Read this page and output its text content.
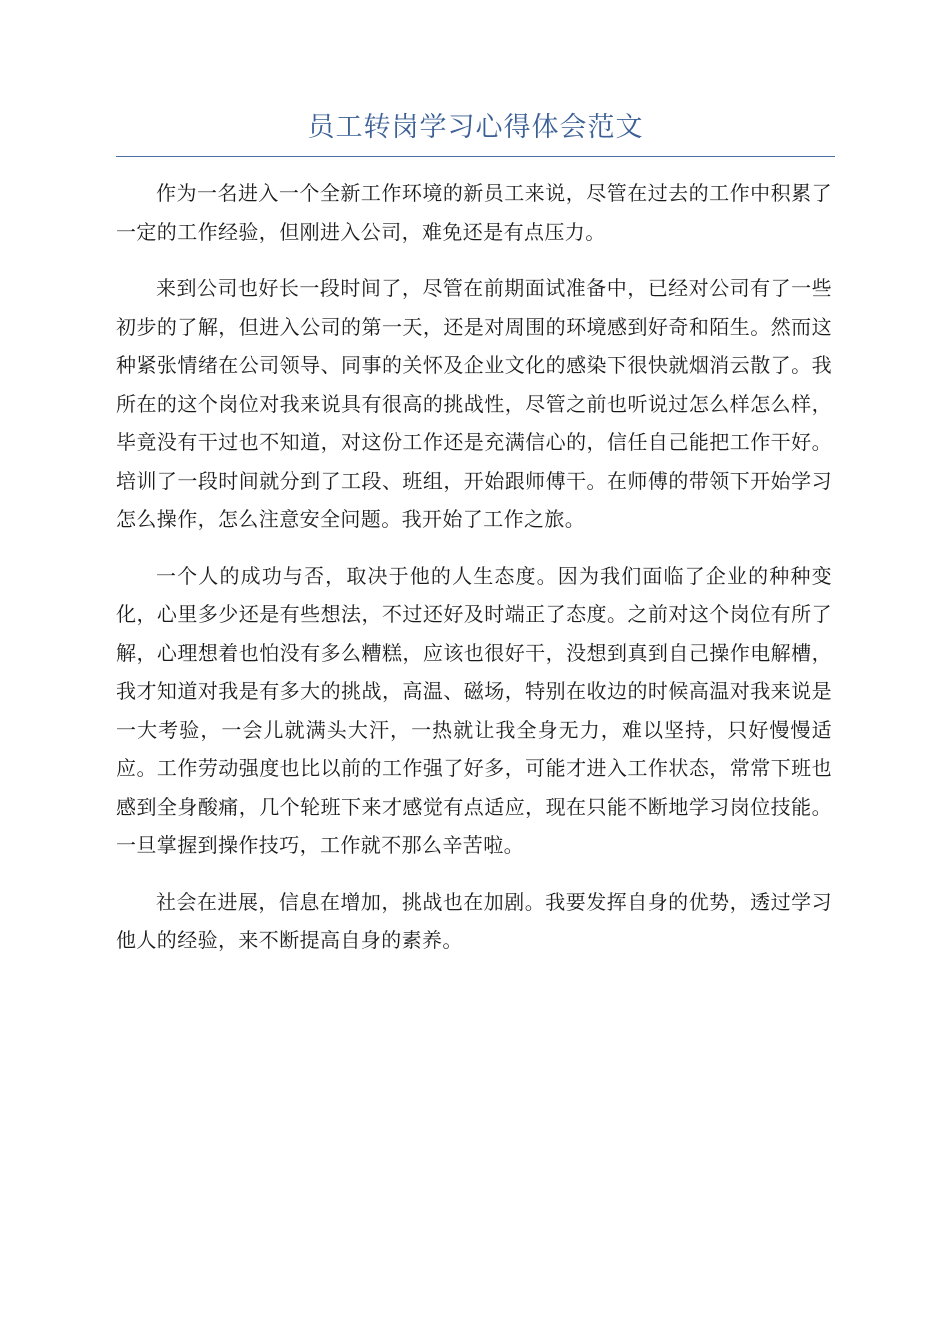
员工转岗学习心得体会范文

作为一名进入一个全新工作环境的新员工来说，尽管在过去的工作中积累了一定的工作经验，但刚进入公司，难免还是有点压力。

来到公司也好长一段时间了，尽管在前期面试准备中，已经对公司有了一些初步的了解，但进入公司的第一天，还是对周围的环境感到好奇和陌生。然而这种紧张情绪在公司领导、同事的关怀及企业文化的感染下很快就烟消云散了。我所在的这个岗位对我来说具有很高的挑战性，尽管之前也听说过怎么样怎么样，毕竟没有干过也不知道，对这份工作还是充满信心的，信任自己能把工作干好。培训了一段时间就分到了工段、班组，开始跟师傅干。在师傅的带领下开始学习怎么操作，怎么注意安全问题。我开始了工作之旅。

一个人的成功与否，取决于他的人生态度。因为我们面临了企业的种种变化，心里多少还是有些想法，不过还好及时端正了态度。之前对这个岗位有所了解，心理想着也怕没有多么糟糕，应该也很好干，没想到真到自己操作电解槽，我才知道对我是有多大的挑战，高温、磁场，特别在收边的时候高温对我来说是一大考验，一会儿就满头大汗，一热就让我全身无力，难以坚持，只好慢慢适应。工作劳动强度也比以前的工作强了好多，可能才进入工作状态，常常下班也感到全身酸痛，几个轮班下来才感觉有点适应，现在只能不断地学习岗位技能。一旦掌握到操作技巧，工作就不那么辛苦啦。

社会在进展，信息在增加，挑战也在加剧。我要发挥自身的优势，透过学习他人的经验，来不断提高自身的素养。
